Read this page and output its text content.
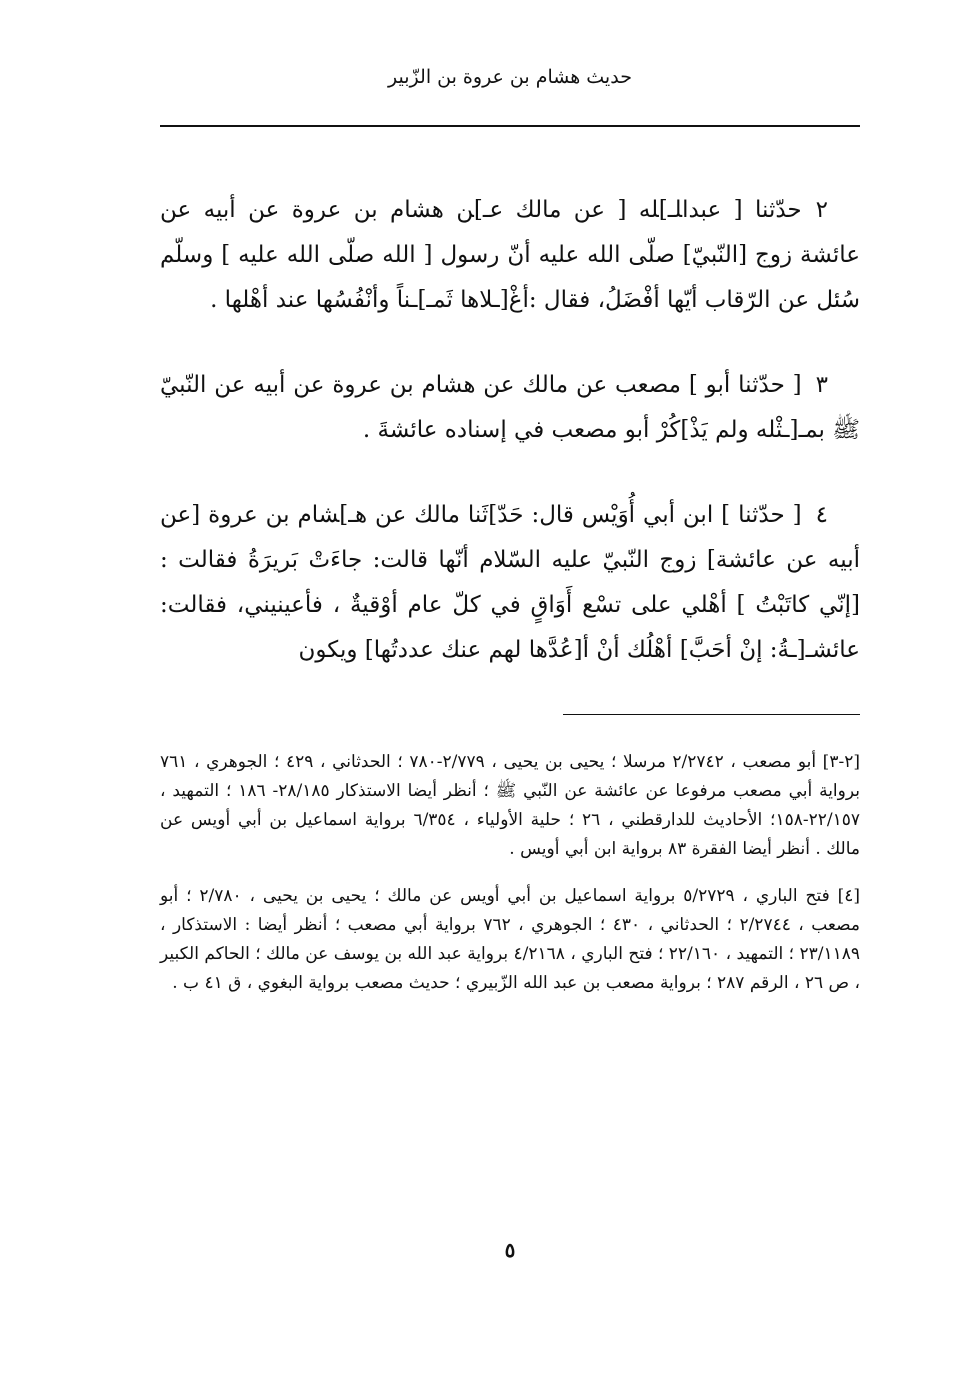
حديث هشام بن عروة بن الزّبير

٢حدّثنا [ عبدا‍لـ]‍له [ عن مالك عـ]‍ن هشام بن عروة عن أبيه عن عائشة زوج [النّبيّ] صلّى الله عليه أنّ رسول [ الله صلّى الله عليه ] وسلّم سُئل عن الرّقاب أيّها أفْضَلُ، فقال :أغْ[ـلاها ثَمـ]ـناً وأنْفُسُها عند أهْلها .

٣[ حدّثنا أبو ] مصعب عن مالك عن هشام بن عروة عن أبيه عن النّبيّ ﷺ بمـ[ـثْله ولم يَذْ]كُرْ أبو مصعب في إسناده عائشةَ .

٤[ حدّثنا ] ابن أبي أُوَيْس قال: حَدّ]ثَنا مالك عن هـ]‍شام بن عروة [عن أبيه عن عائشة] زوج النّبيّ عليه السّلام أنّها قالت: جاءَتْ بَريرَةُ فقالت : [إنّي كاتَبْتُ ] أهْلي على تسْع أَوَاقٍ في كلّ عام أوْقيةٌ ، فأعينيني، فقالت: عائشـ[ـةُ: إنْ أحَبَّ] أهْلُك أنْ أ[عُدَّها لهم عنك عددتُها] ويكون

[٢-٣] أبو مصعب ، ٢/٢٧٤٢ مرسلا ؛ يحيى بن يحيى ، ٢/٧٧٩-٧٨٠ ؛ الحدثاني ، ٤٢٩ ؛ الجوهري ، ٧٦١ برواية أبي مصعب مرفوعا عن عائشة عن النّبي ﷺ ؛ أنظر أيضا الاستذكار ٢٨/١٨٥- ١٨٦ ؛ التمهيد ، ٢٢/١٥٧-١٥٨؛ الأحاديث للدارقطني ، ٢٦ ؛ حلية الأولياء ، ٦/٣٥٤ برواية اسماعيل بن أبي أويس عن مالك . أنظر أيضا الفقرة ٨٣ برواية ابن أبي أويس .

[٤] فتح الباري ، ٥/٢٧٢٩ برواية اسماعيل بن أبي أويس عن مالك ؛ يحيى بن يحيى ، ٢/٧٨٠ ؛ أبو مصعب ، ٢/٢٧٤٤ ؛ الحدثاني ، ٤٣٠ ؛ الجوهري ، ٧٦٢ برواية أبي مصعب ؛ أنظر أيضا : الاستذكار ، ٢٣/١١٨٩ ؛ التمهيد ، ٢٢/١٦٠ ؛ فتح الباري ، ٤/٢١٦٨ برواية عبد الله بن يوسف عن مالك ؛ الحاكم الكبير ، ص ٢٦ ، الرقم ٢٨٧ ؛ برواية مصعب بن عبد الله الزّبيري ؛ حديث مصعب برواية البغوي ، ق ٤١ ب .

٥
